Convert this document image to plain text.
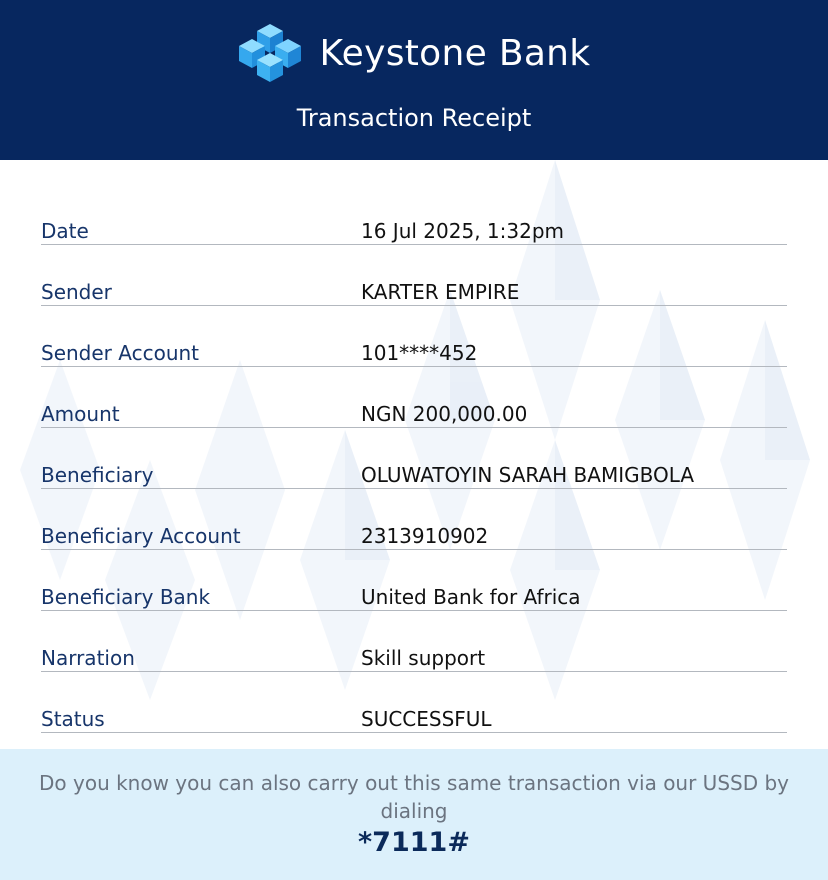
Keystone Bank
Transaction Receipt
Date	16 Jul 2025, 1:32pm
Sender	KARTER EMPIRE
Sender Account	101****452
Amount	NGN 200,000.00
Beneficiary	OLUWATOYIN SARAH BAMIGBOLA
Beneficiary Account	2313910902
Beneficiary Bank	United Bank for Africa
Narration	Skill support
Status	SUCCESSFUL
Do you know you can also carry out this same transaction via our USSD by dialing
*7111#
